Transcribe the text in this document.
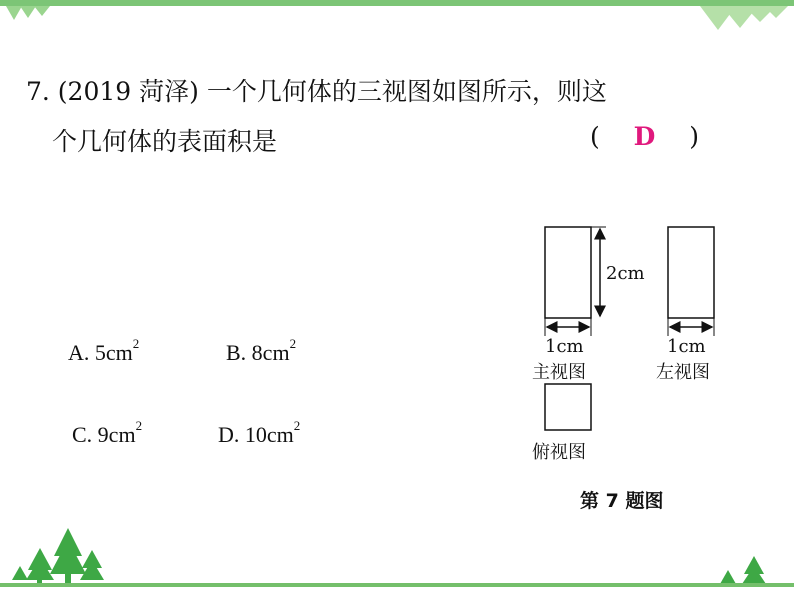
7. (2019 菏泽) 一个几何体的三视图如图所示，则这
个几何体的表面积是	( D )
A. $5cm^2$	B. $8cm^2$
C. $9cm^2$	D. $10cm^2$
2cm
1cm	1cm
主视图	左视图
俯视图
第 7 题图
